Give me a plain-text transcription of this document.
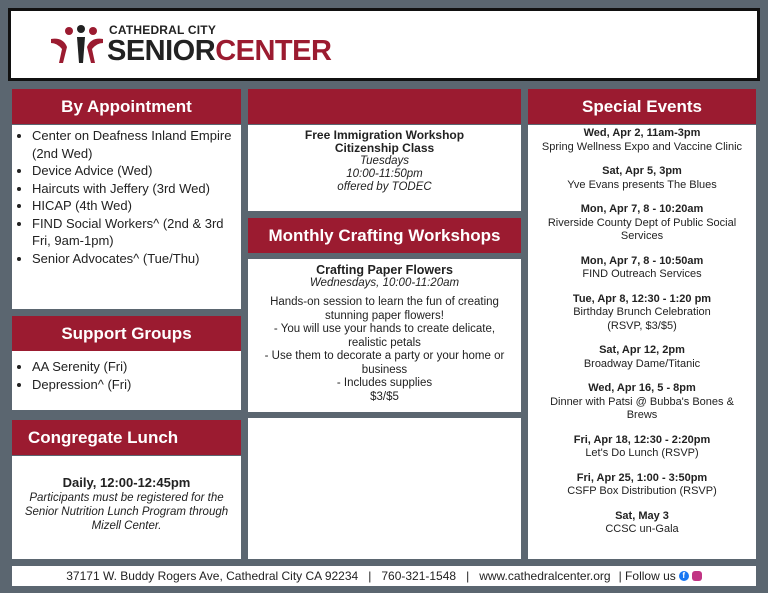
CATHEDRAL CITY
SENIORCENTER
By Appointment
• Center on Deafness Inland Empire (2nd Wed)
• Device Advice (Wed)
• Haircuts with Jeffery (3rd Wed)
• HICAP (4th Wed)
• FIND Social Workers^ (2nd & 3rd Fri, 9am-1pm)
• Senior Advocates^ (Tue/Thu)
Support Groups
• AA Serenity (Fri)
• Depression^ (Fri)
Congregate Lunch
Daily, 12:00-12:45pm
Participants must be registered for the Senior Nutrition Lunch Program through Mizell Center.
Free Immigration Workshop
Citizenship Class
Tuesdays
10:00-11:50pm
offered by TODEC
Monthly Crafting Workshops
Crafting Paper Flowers
Wednesdays, 10:00-11:20am
Hands-on session to learn the fun of creating stunning paper flowers!
- You will use your hands to create delicate, realistic petals
- Use them to decorate a party or your home or business
- Includes supplies
$3/$5
Special Events
Wed, Apr 2, 11am-3pm
Spring Wellness Expo and Vaccine Clinic
Sat, Apr 5, 3pm
Yve Evans presents The Blues
Mon, Apr 7, 8 - 10:20am
Riverside County Dept of Public Social Services
Mon, Apr 7, 8 - 10:50am
FIND Outreach Services
Tue, Apr 8, 12:30 - 1:20 pm
Birthday Brunch Celebration (RSVP, $3/$5)
Sat, Apr 12, 2pm
Broadway Dame/Titanic
Wed, Apr 16, 5 - 8pm
Dinner with Patsi @ Bubba's Bones & Brews
Fri, Apr 18, 12:30 - 2:20pm
Let's Do Lunch (RSVP)
Fri, Apr 25, 1:00 - 3:50pm
CSFP Box Distribution (RSVP)
Sat, May 3
CCSC un-Gala
37171 W. Buddy Rogers Ave, Cathedral City CA 92234 | 760-321-1548 | www.cathedralcenter.org | Follow us f
